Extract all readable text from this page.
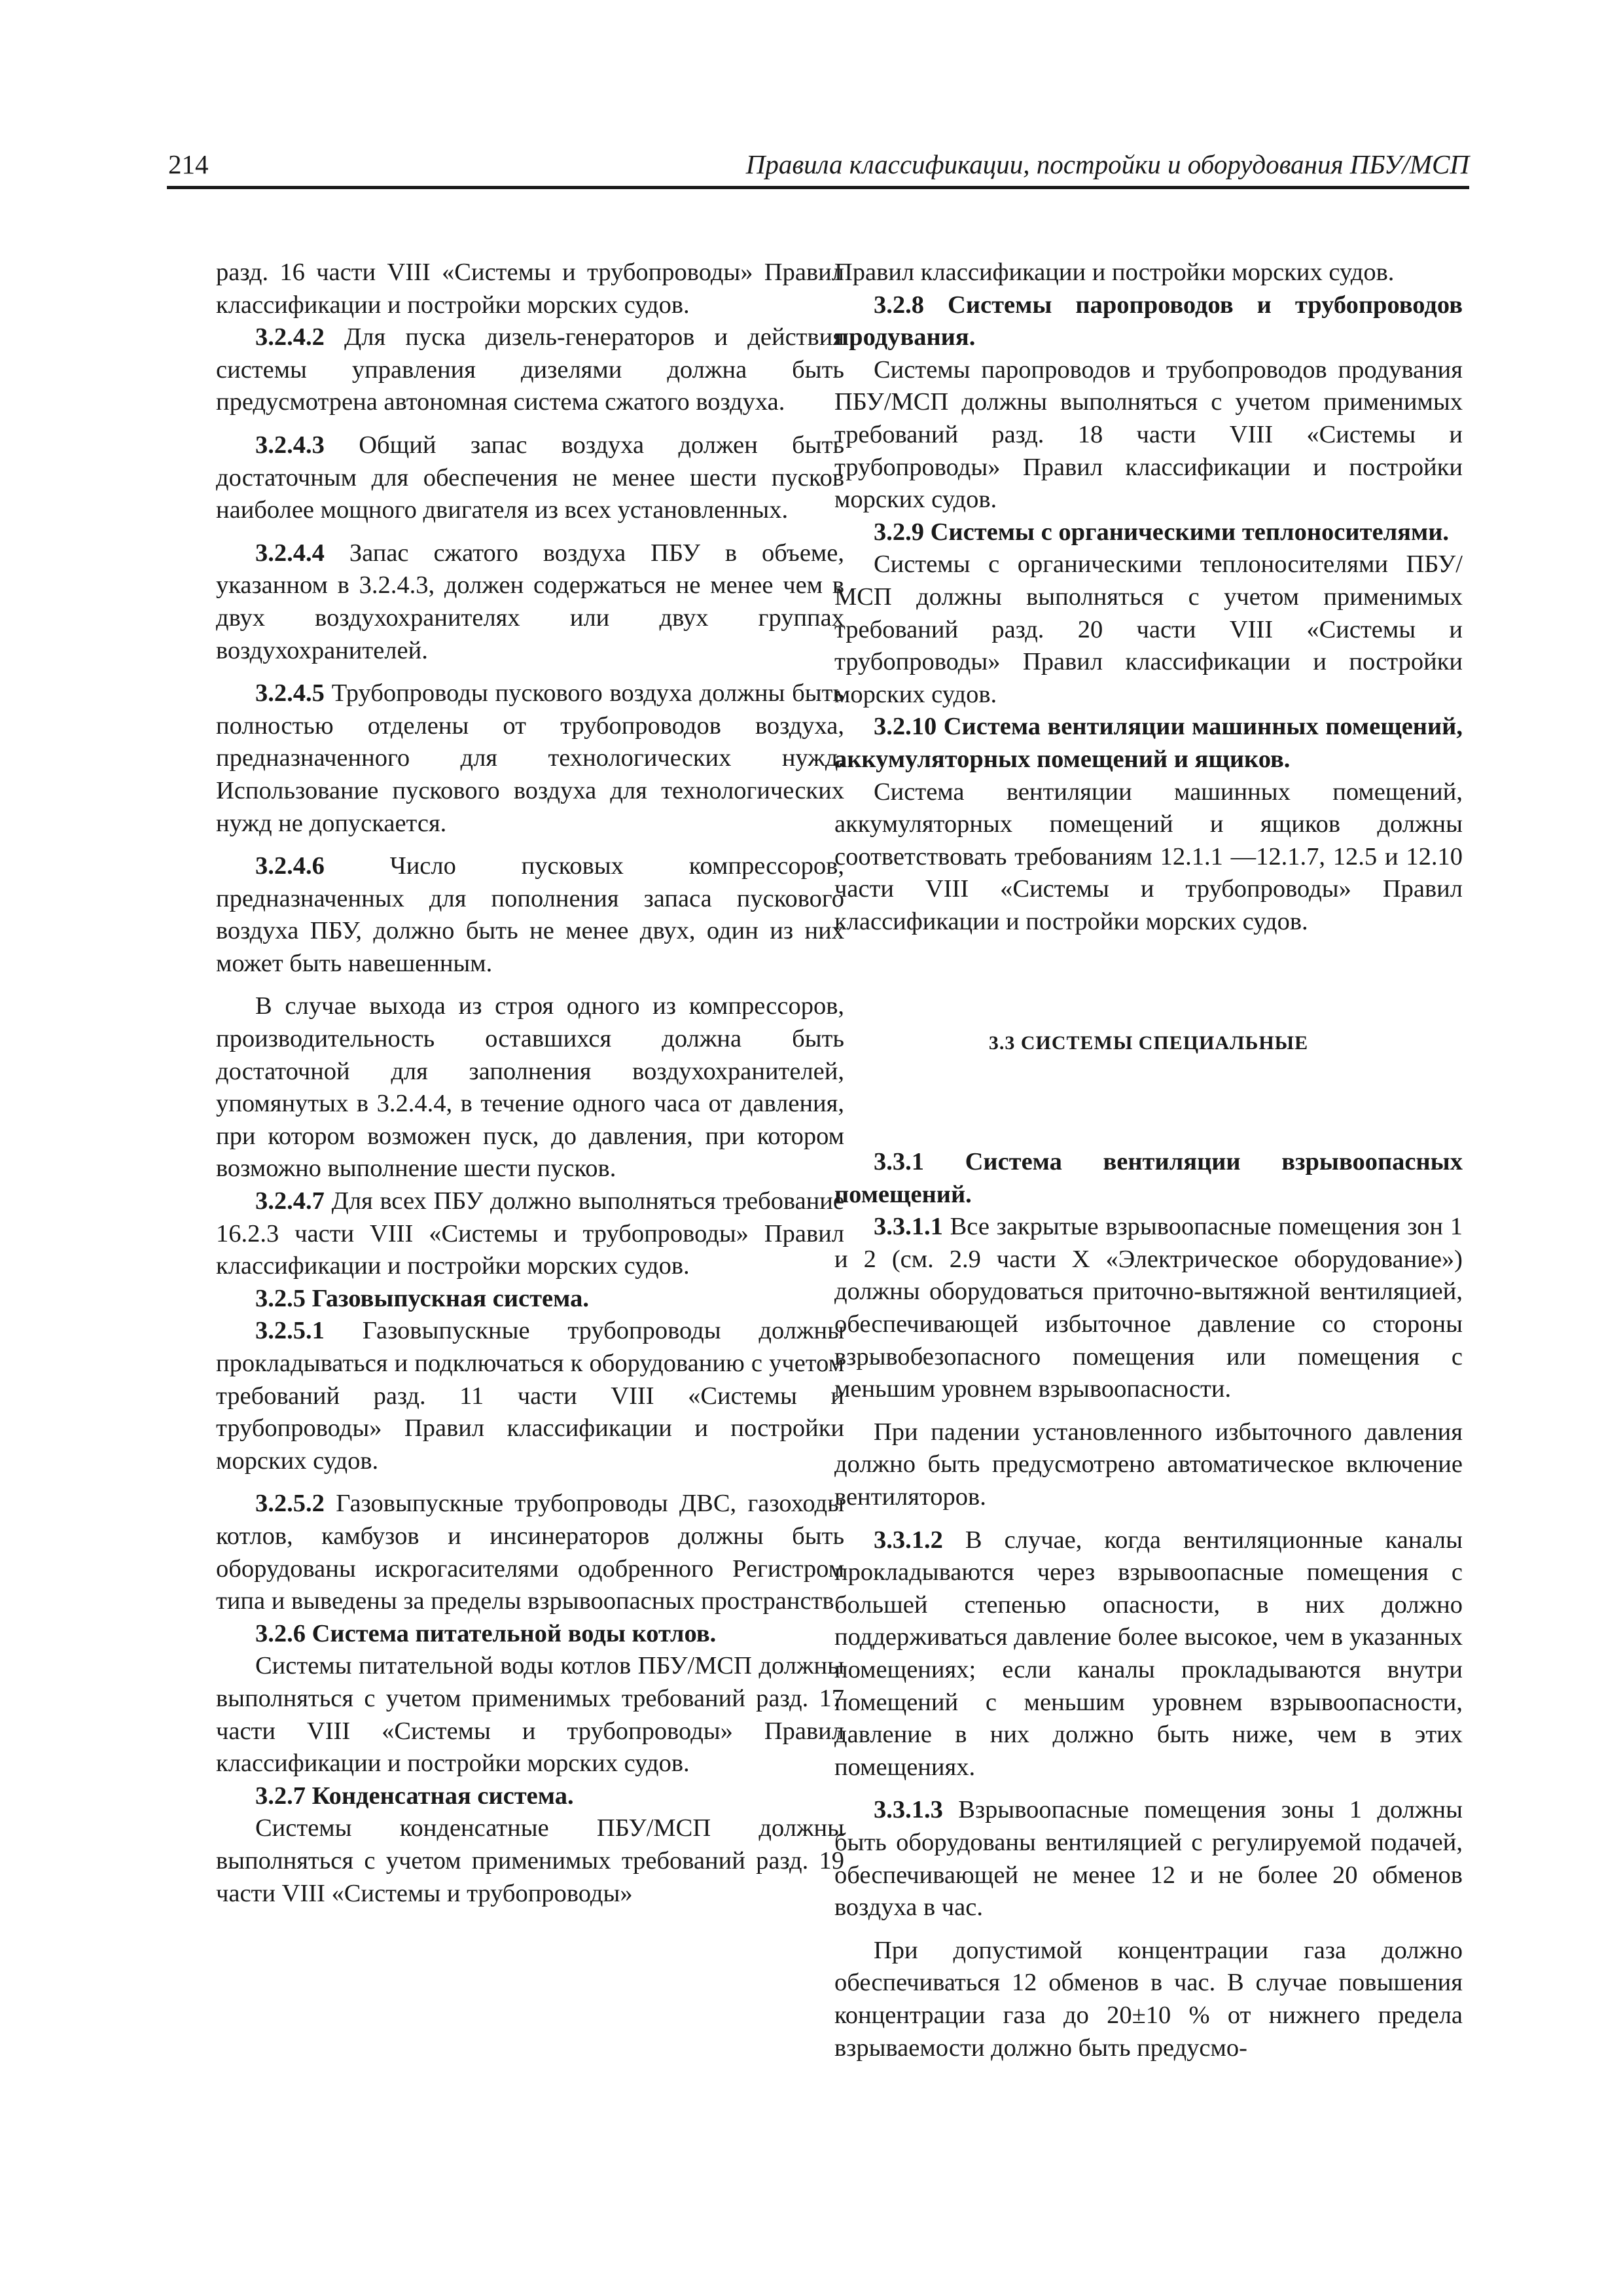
214	Правила классификации, постройки и оборудования ПБУ/МСП

разд. 16 части VIII «Системы и трубопроводы» Правил классификации и постройки морских судов.

3.2.4.2 Для пуска дизель-генераторов и действия системы управления дизелями должна быть предусмотрена автономная система сжатого воздуха.

3.2.4.3 Общий запас воздуха должен быть достаточным для обеспечения не менее шести пусков наиболее мощного двигателя из всех установленных.

3.2.4.4 Запас сжатого воздуха ПБУ в объеме, указанном в 3.2.4.3, должен содержаться не менее чем в двух воздухохранителях или двух группах воздухохранителей.

3.2.4.5 Трубопроводы пускового воздуха должны быть полностью отделены от трубопроводов воздуха, предназначенного для технологических нужд. Использование пускового воздуха для технологических нужд не допускается.

3.2.4.6	Число пусковых компрессоров, предназначенных для пополнения запаса пускового воздуха ПБУ, должно быть не менее двух, один из них может быть навешенным.

В случае выхода из строя одного из компрессоров, производительность оставшихся должна быть достаточной для заполнения воздухохранителей, упомянутых в 3.2.4.4, в течение одного часа от давления, при котором возможен пуск, до давления, при котором возможно выполнение шести пусков.

3.2.4.7 Для всех ПБУ должно выполняться требование 16.2.3 части VIII «Системы и трубопроводы» Правил классификации и постройки морских судов.

3.2.5 Газовыпускная система.

3.2.5.1 Газовыпускные трубопроводы должны прокладываться и подключаться к оборудованию с учетом требований разд. 11 части VIII «Системы и трубопроводы» Правил классификации и постройки морских судов.

3.2.5.2 Газовыпускные трубопроводы ДВС, газоходы котлов, камбузов и инсинераторов должны быть оборудованы искрогасителями одобренного Регистром типа и выведены за пределы взрывоопасных пространств.

3.2.6 Система питательной воды котлов.

Системы питательной воды котлов ПБУ/МСП должны выполняться с учетом применимых требований разд. 17 части VIII «Системы и трубопроводы» Правил классификации и постройки морских судов.

3.2.7 Конденсатная система.

Системы конденсатные ПБУ/МСП должны выполняться с учетом применимых требований разд. 19 части VIII «Системы и трубопроводы»

Правил классификации и постройки морских судов.

3.2.8 Системы паропроводов и трубопроводов продувания.

Системы паропроводов и трубопроводов продувания ПБУ/МСП должны выполняться с учетом применимых требований разд. 18 части VIII «Системы и трубопроводы» Правил классификации и постройки морских судов.

3.2.9 Системы с органическими теплоносителями.

Системы с органическими теплоносителями ПБУ/МСП должны выполняться с учетом применимых требований разд. 20 части VIII «Системы и трубопроводы» Правил классификации и постройки морских судов.

3.2.10 Система вентиляции машинных помещений, аккумуляторных помещений и ящиков.

Система вентиляции машинных помещений, аккумуляторных помещений и ящиков должны соответствовать требованиям 12.1.1 —12.1.7, 12.5 и 12.10 части VIII «Системы и трубопроводы» Правил классификации и постройки морских судов.

3.3 СИСТЕМЫ СПЕЦИАЛЬНЫЕ

3.3.1 Система вентиляции взрывоопасных помещений.

3.3.1.1 Все закрытые взрывоопасные помещения зон 1 и 2 (см. 2.9 части X «Электрическое оборудование») должны оборудоваться приточно-вытяжной вентиляцией, обеспечивающей избыточное давление со стороны взрывобезопасного помещения или помещения с меньшим уровнем взрывоопасности.

При падении установленного избыточного давления должно быть предусмотрено автоматическое включение вентиляторов.

3.3.1.2 В случае, когда вентиляционные каналы прокладываются через взрывоопасные помещения с большей степенью опасности, в них должно поддерживаться давление более высокое, чем в указанных помещениях; если каналы прокладываются внутри помещений с меньшим уровнем взрывоопасности, давление в них должно быть ниже, чем в этих помещениях.

3.3.1.3 Взрывоопасные помещения зоны 1 должны быть оборудованы вентиляцией с регулируемой подачей, обеспечивающей не менее 12 и не более 20 обменов воздуха в час.

При допустимой концентрации газа должно обеспечиваться 12 обменов в час. В случае повышения концентрации газа до 20±10 % от нижнего предела взрываемости должно быть предусмо-
